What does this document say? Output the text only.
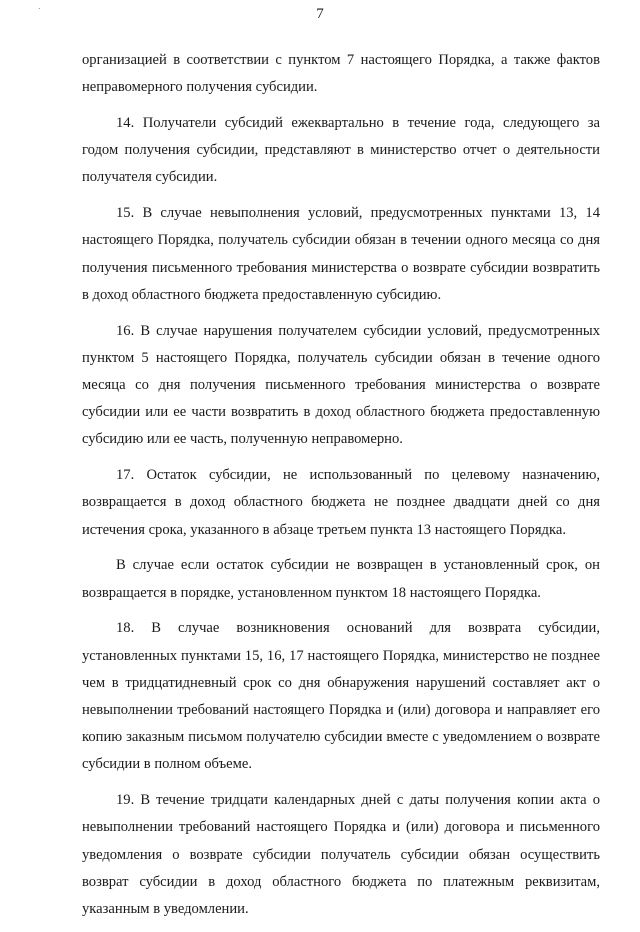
.	7

организацией в соответствии с пунктом 7 настоящего Порядка, а также фактов неправомерного получения субсидии.

14. Получатели субсидий ежеквартально в течение года, следующего за годом получения субсидии, представляют в министерство отчет о деятельности получателя субсидии.

15. В случае невыполнения условий, предусмотренных пунктами 13, 14 настоящего Порядка, получатель субсидии обязан в течении одного месяца со дня получения письменного требования министерства о возврате субсидии возвратить в доход областного бюджета предоставленную субсидию.

16. В случае нарушения получателем субсидии условий, предусмотренных пунктом 5 настоящего Порядка, получатель субсидии обязан в течение одного месяца со дня получения письменного требования министерства о возврате субсидии или ее части возвратить в доход областного бюджета предоставленную субсидию или ее часть, полученную неправомерно.

17. Остаток субсидии, не использованный по целевому назначению, возвращается в доход областного бюджета не позднее двадцати дней со дня истечения срока, указанного в абзаце третьем пункта 13 настоящего Порядка.

В случае если остаток субсидии не возвращен в установленный срок, он возвращается в порядке, установленном пунктом 18 настоящего Порядка.

18. В случае возникновения оснований для возврата субсидии, установленных пунктами 15, 16, 17 настоящего Порядка, министерство не позднее чем в тридцатидневный срок со дня обнаружения нарушений составляет акт о невыполнении требований настоящего Порядка и (или) договора и направляет его копию заказным письмом получателю субсидии вместе с уведомлением о возврате субсидии в полном объеме.

19. В течение тридцати календарных дней с даты получения копии акта о невыполнении требований настоящего Порядка и (или) договора и письменного уведомления о возврате субсидии получатель субсидии обязан осуществить возврат субсидии в доход областного бюджета по платежным реквизитам, указанным в уведомлении.
